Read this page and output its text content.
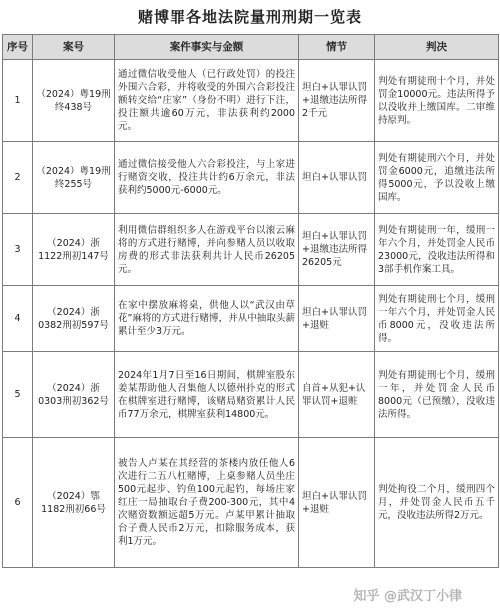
赌博罪各地法院量刑刑期一览表
序号	案号	案件事实与金额	情节	判决
1	（2024）粤19刑终438号	通过微信收受他人（已行政处罚）的投注外围六合彩，并将收受的外围六合彩投注额转交给“庄家”（身份不明）进行下注，投注额共逾60万元，非法获利约2000元。	坦白+认罪认罚+退缴违法所得2千元	判处有期徒刑十个月，并处罚金10000元。违法所得予以没收并上缴国库。二审维持原判。
2	（2024）粤19刑终255号	通过微信接受他人六合彩投注，与上家进行赌资交收，投注共计约6万余元，非法获利约5000元-6000元。	坦白+认罪认罚	判处有期徒刑六个月，并处罚金6000元，追缴违法所得5000元，予以没收上缴国库。
3	（2024）浙1122刑初147号	利用微信群组织多人在游戏平台以滚云麻将的方式进行赌博，并向参赌人员以收取房费的形式非法获利共计人民币26205元。	坦白+认罪认罚+退缴违法所得26205元	判处有期徒刑一年，缓刑一年六个月，并处罚金人民币23000元，没收违法所得和3部手机作案工具。
4	（2024）浙0382刑初597号	在家中摆放麻将桌，供他人以“武汉由草花”麻将的方式进行赌博，并从中抽取头薪累计至少3万元。	坦白+认罪认罚+退赃	判处有期徒刑七个月，缓刑一年六个月，并处罚金人民币8000元，没收违法所得。
5	（2024）浙0303刑初362号	2024年1月7日至16日期间，棋牌室股东姜某帮助他人召集他人以德州扑克的形式在棋牌室进行赌博，该赌局赌资累计人民币77万余元，棋牌室获利14800元。	自首+从犯+认罪认罚+退赃	判处有期徒刑七个月，缓刑一年，并处罚金人民币8000元（已预缴），没收违法所得。
6	（2024）鄂1182刑初66号	被告人卢某在其经营的茶楼内放任他人6次进行二五八杠赌博，上桌参赌人员坐庄500元起步、钓鱼100元起钓，每场庄家红庄一局抽取台子费200-300元，其中4次赌资数额远超5万元。卢某甲累计抽取台子费人民币2万元，扣除服务成本，获利1万元。	坦白+认罪认罚+退赃	判处拘役二个月，缓刑四个月，并处罚金人民币五千元，没收违法所得2万元。
知乎 @武汉丁小律
